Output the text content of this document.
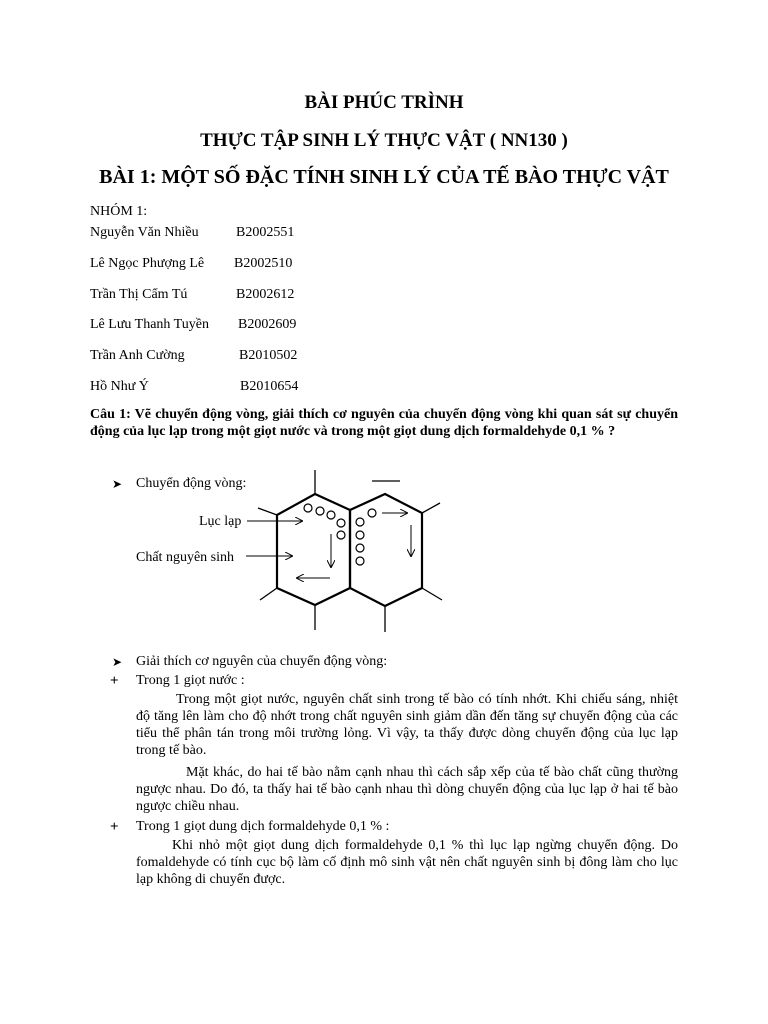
BÀI PHÚC TRÌNH
THỰC TẬP SINH LÝ THỰC VẬT ( NN130 )
BÀI 1: MỘT SỐ ĐẶC TÍNH SINH LÝ CỦA TẾ BÀO THỰC VẬT
NHÓM 1:
Nguyễn Văn Nhiều	B2002551
Lê Ngọc Phượng Lê B2002510
Trần Thị Cẩm Tú	B2002612
Lê Lưu Thanh Tuyền B2002609
Trần Anh Cường	B2010502
Hồ Như Ý	B2010654
Câu 1: Vẽ chuyển động vòng, giải thích cơ nguyên của chuyển động vòng khi quan sát sự chuyển động của lục lạp trong một giọt nước và trong một giọt dung dịch formaldehyde 0,1 % ?
➤ Chuyển động vòng:
Lục lạp
Chất nguyên sinh
➤ Giải thích cơ nguyên của chuyển động vòng:
+ Trong 1 giọt nước :
Trong một giọt nước, nguyên chất sinh trong tế bào có tính nhớt. Khi chiếu sáng, nhiệt độ tăng lên làm cho độ nhớt trong chất nguyên sinh giảm dần đến tăng sự chuyển động của các tiểu thể phân tán trong môi trường lỏng. Vì vậy, ta thấy được dòng chuyển động của lục lạp trong tế bào.
Mặt khác, do hai tế bào nằm cạnh nhau thì cách sắp xếp của tế bào chất cũng thường ngược nhau. Do đó, ta thấy hai tế bào cạnh nhau thì dòng chuyển động của lục lạp ở hai tế bào ngược chiều nhau.
+ Trong 1 giọt dung dịch formaldehyde 0,1 % :
Khi nhỏ một giọt dung dịch formaldehyde 0,1 % thì lục lạp ngừng chuyển động. Do fomaldehyde có tính cục bộ làm cố định mô sinh vật nên chất nguyên sinh bị đông làm cho lục lạp không di chuyển được.
